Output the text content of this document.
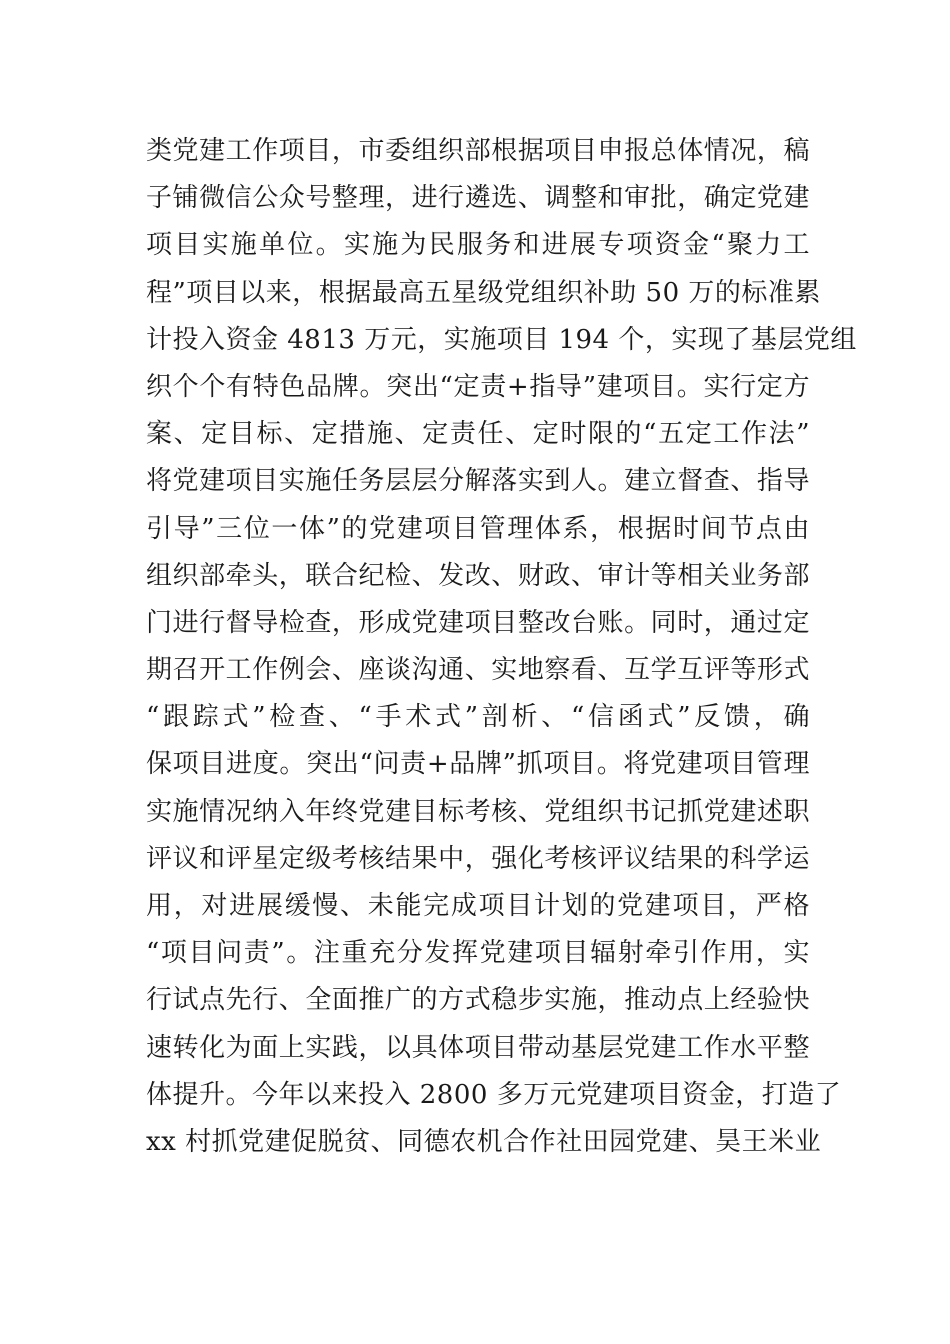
类党建工作项目，市委组织部根据项目申报总体情况，稿
子铺微信公众号整理，进行遴选、调整和审批，确定党建
项目实施单位。实施为民服务和进展专项资金“聚力工
程”项目以来，根据最高五星级党组织补助 50 万的标准累
计投入资金 4813 万元，实施项目 194 个，实现了基层党组
织个个有特色品牌。突出“定责+指导”建项目。实行定方
案、定目标、定措施、定责任、定时限的“五定工作法”
将党建项目实施任务层层分解落实到人。建立督查、指导
引导”三位一体”的党建项目管理体系，根据时间节点由
组织部牵头，联合纪检、发改、财政、审计等相关业务部
门进行督导检查，形成党建项目整改台账。同时，通过定
期召开工作例会、座谈沟通、实地察看、互学互评等形式
“跟踪式”检查、“手术式”剖析、“信函式”反馈，确
保项目进度。突出“问责+品牌”抓项目。将党建项目管理
实施情况纳入年终党建目标考核、党组织书记抓党建述职
评议和评星定级考核结果中，强化考核评议结果的科学运
用，对进展缓慢、未能完成项目计划的党建项目，严格
“项目问责”。注重充分发挥党建项目辐射牵引作用，实
行试点先行、全面推广的方式稳步实施，推动点上经验快
速转化为面上实践，以具体项目带动基层党建工作水平整
体提升。今年以来投入 2800 多万元党建项目资金，打造了
xx 村抓党建促脱贫、同德农机合作社田园党建、昊王米业
